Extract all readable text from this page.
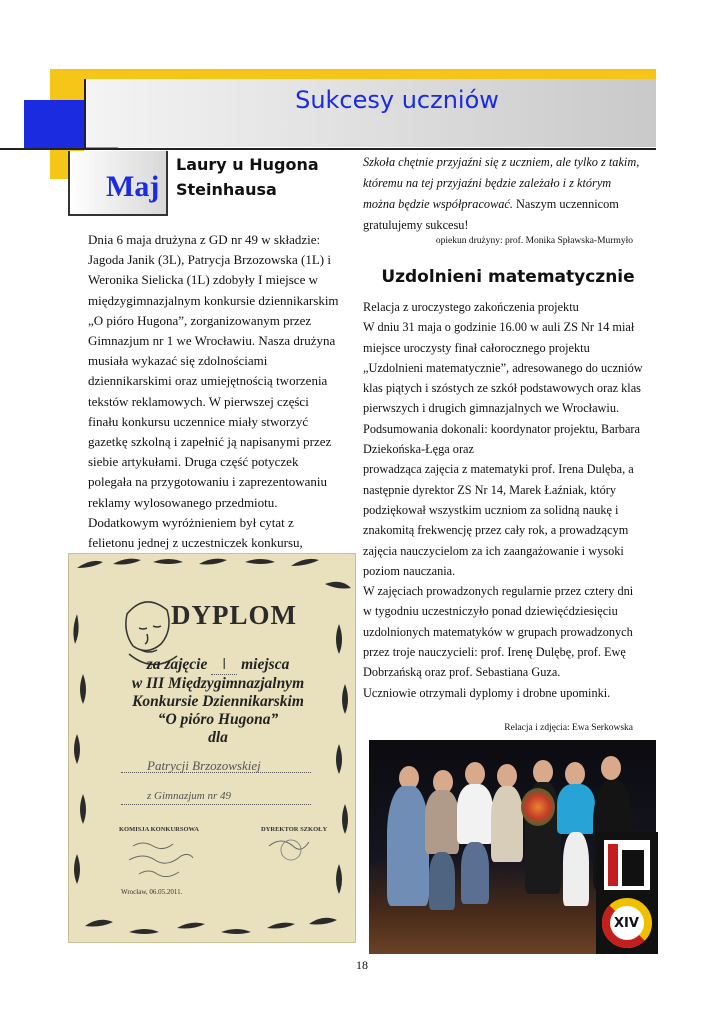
Sukcesy uczniów
Maj
Laury u Hugona Steinhausa
Dnia 6 maja drużyna z GD nr 49 w składzie: Jagoda Janik (3L), Patrycja Brzozowska (1L) i Weronika Sielicka (1L) zdobyły I miejsce w międzygimnazjalnym konkursie dziennikarskim „O pióro Hugona”, zorganizowanym przez Gimnazjum nr 1 we Wrocławiu. Nasza drużyna musiała wykazać się zdolnościami dziennikarskimi oraz umiejętnością tworzenia tekstów reklamowych. W pierwszej części finału konkursu uczennice miały stworzyć gazetkę szkolną i zapełnić ją napisanymi przez siebie artykułami. Druga część potyczek polegała na przygotowaniu i zaprezentowaniu reklamy wylosowanego przedmiotu. Dodatkowym wyróżnieniem był cytat z felietonu jednej z uczestniczek konkursu,
DYPLOM
za zajęcie I miejsca
w III Międzygimnazjalnym
Konkursie Dziennikarskim
“O pióro Hugona”
dla
Patrycji Brzozowskiej
z Gimnazjum nr 49
KOMISJA KONKURSOWA	DYREKTOR SZKOŁY
Wrocław, 06.05.2011.
Szkoła chętnie przyjaźni się z uczniem, ale tylko z takim, któremu na tej przyjaźni będzie zależało i z którym można będzie współpracować. Naszym uczennicom gratulujemy sukcesu!
opiekun drużyny: prof. Monika Spławska-Murmyło
Uzdolnieni matematycznie

Relacja z uroczystego zakończenia projektu

W dniu 31 maja o godzinie 16.00 w auli ZS Nr 14 miał miejsce uroczysty finał całorocznego projektu „Uzdolnieni matematycznie”, adresowanego do uczniów klas piątych i szóstych ze szkół podstawowych oraz klas pierwszych i drugich gimnazjalnych we Wrocławiu. Podsumowania dokonali: koordynator projektu, Barbara Dziekońska-Łęga oraz

prowadząca zajęcia z matematyki prof. Irena Dulęba, a następnie dyrektor ZS Nr 14, Marek Łaźniak, który podziękował wszystkim uczniom za solidną naukę i znakomitą frekwencję przez cały rok, a prowadzącym zajęcia nauczycielom za ich zaangażowanie i wysoki poziom nauczania.

W zajęciach prowadzonych regularnie przez cztery dni w tygodniu uczestniczyło ponad dziewięćdziesięciu uzdolnionych matematyków w grupach prowadzonych przez troje nauczycieli: prof. Irenę Dulębę, prof. Ewę Dobrzańską oraz prof. Sebastiana Guza.

Uczniowie otrzymali dyplomy i drobne upominki.

Relacja i zdjęcia: Ewa Serkowska
XIV
18
